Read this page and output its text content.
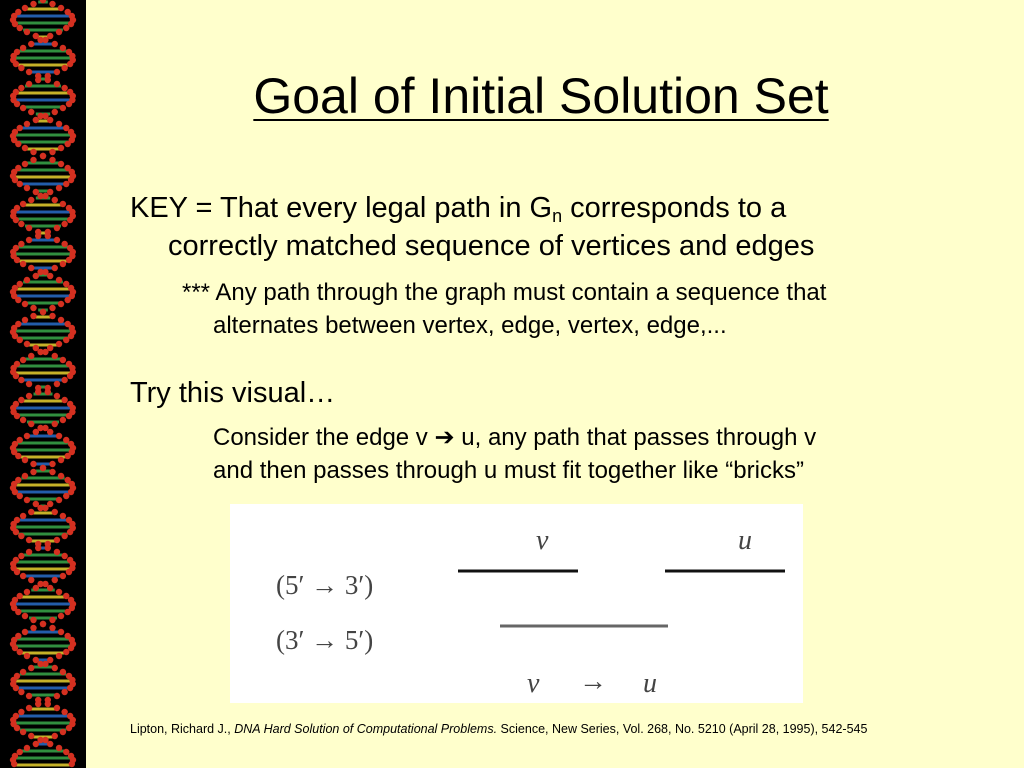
Goal of Initial Solution Set
KEY = That every legal path in $G_n$ corresponds to a
correctly matched sequence of vertices and edges
*** Any path through the graph must contain a sequence that
alternates between vertex, edge, vertex, edge,...
Try this visual…
Consider the edge v ➔ u, any path that passes through v
and then passes through u must fit together like “bricks”
ν	u
(5′ → 3′)
(3′ → 5′)
ν → u
Lipton, Richard J., DNA Hard Solution of Computational Problems. Science, New Series, Vol. 268, No. 5210 (April 28, 1995), 542-545
